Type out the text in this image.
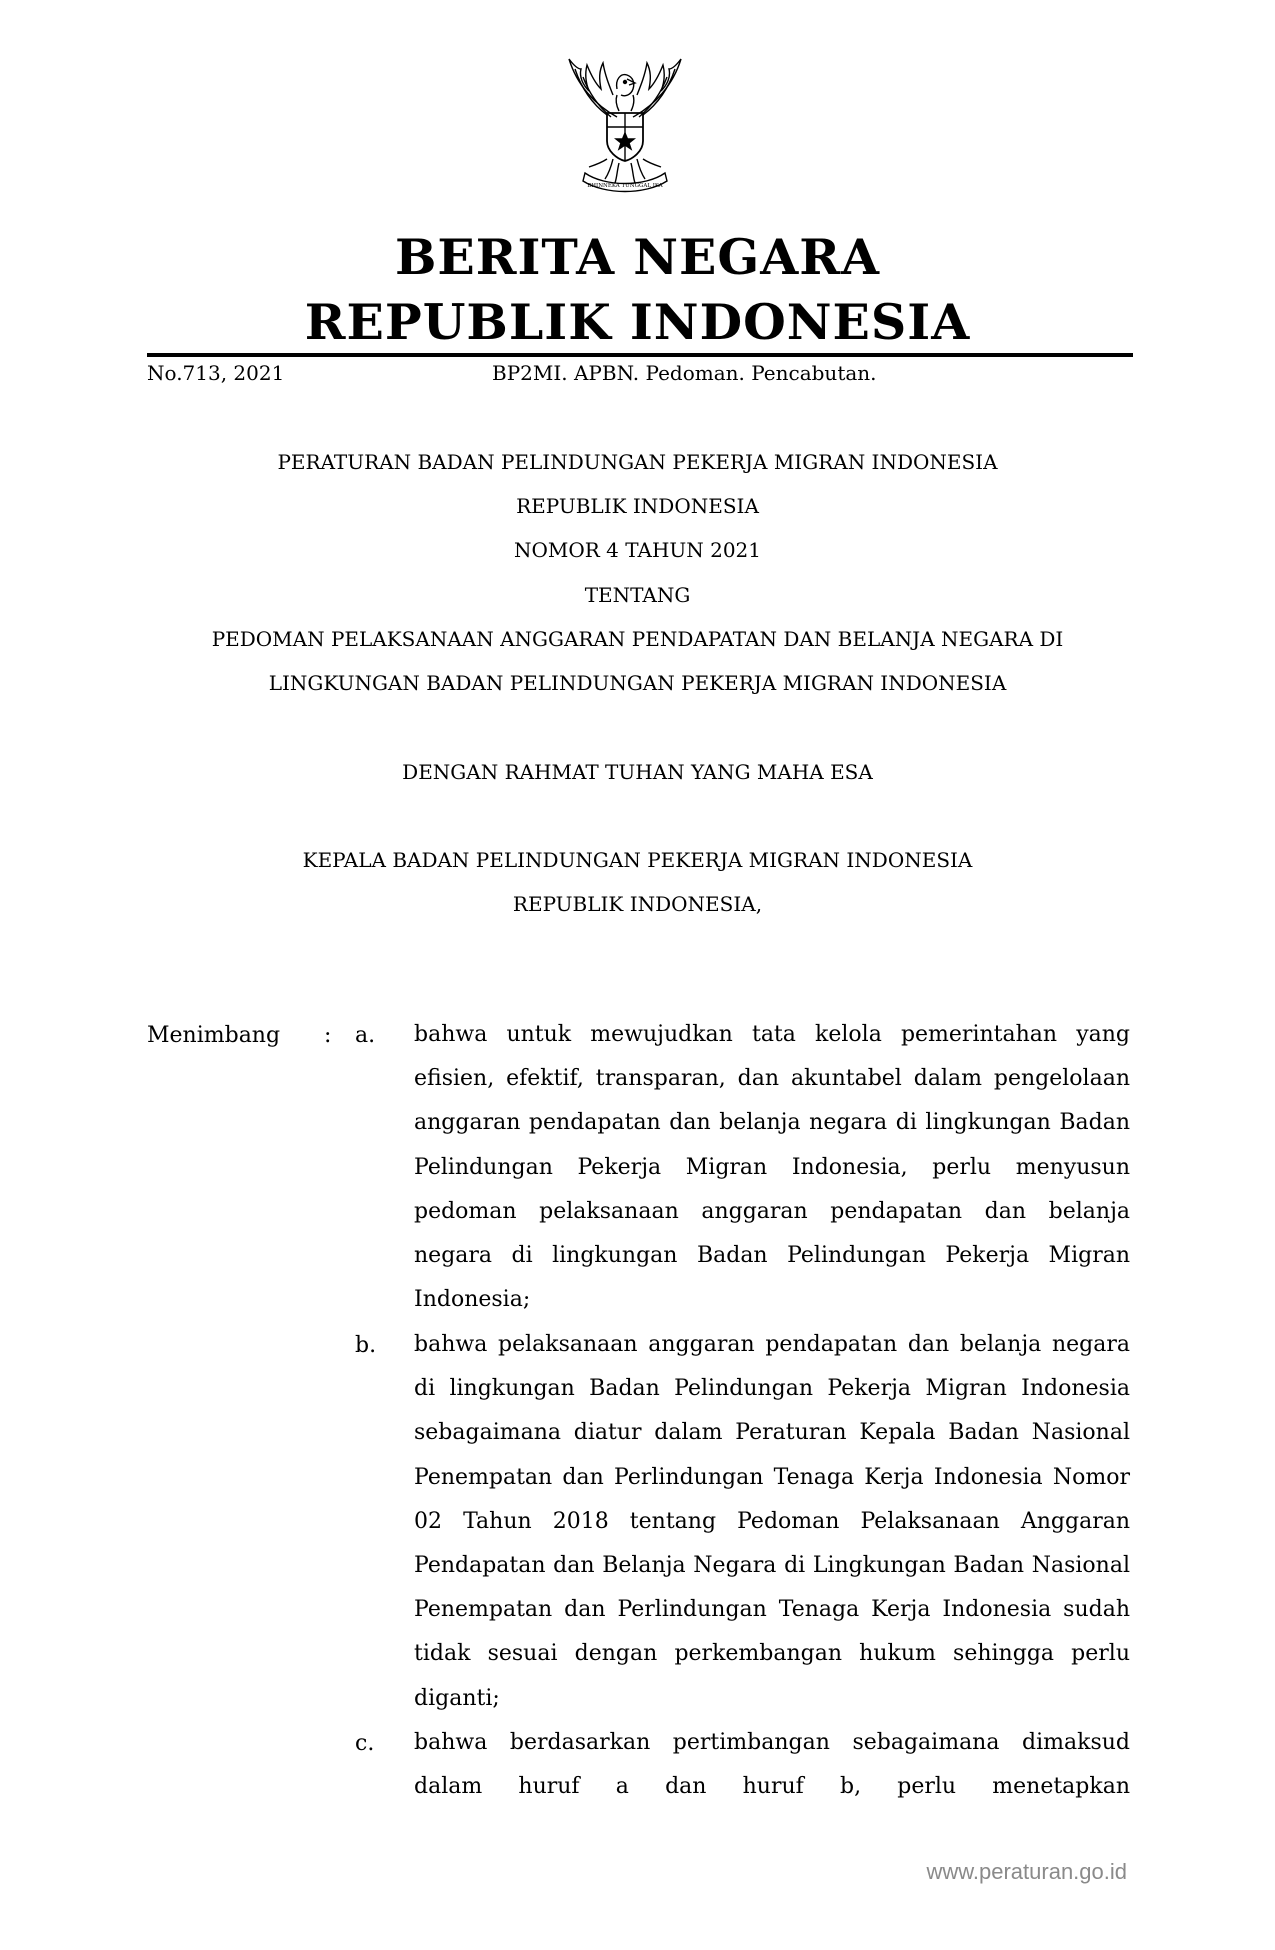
BHINNEKA TUNGGAL IKA
BERITA NEGARA
REPUBLIK INDONESIA
No.713, 2021	BP2MI. APBN. Pedoman. Pencabutan.
PERATURAN BADAN PELINDUNGAN PEKERJA MIGRAN INDONESIA
REPUBLIK INDONESIA
NOMOR 4 TAHUN 2021
TENTANG
PEDOMAN PELAKSANAAN ANGGARAN PENDAPATAN DAN BELANJA NEGARA DI
LINGKUNGAN BADAN PELINDUNGAN PEKERJA MIGRAN INDONESIA
DENGAN RAHMAT TUHAN YANG MAHA ESA
KEPALA BADAN PELINDUNGAN PEKERJA MIGRAN INDONESIA
REPUBLIK INDONESIA,
Menimbang : a. bahwa untuk mewujudkan tata kelola pemerintahan yang efisien, efektif, transparan, dan akuntabel dalam pengelolaan anggaran pendapatan dan belanja negara di lingkungan Badan Pelindungan Pekerja Migran Indonesia, perlu menyusun pedoman pelaksanaan anggaran pendapatan dan belanja negara di lingkungan Badan Pelindungan Pekerja Migran Indonesia;
b. bahwa pelaksanaan anggaran pendapatan dan belanja negara di lingkungan Badan Pelindungan Pekerja Migran Indonesia sebagaimana diatur dalam Peraturan Kepala Badan Nasional Penempatan dan Perlindungan Tenaga Kerja Indonesia Nomor 02 Tahun 2018 tentang Pedoman Pelaksanaan Anggaran Pendapatan dan Belanja Negara di Lingkungan Badan Nasional Penempatan dan Perlindungan Tenaga Kerja Indonesia sudah tidak sesuai dengan perkembangan hukum sehingga perlu diganti;
c. bahwa berdasarkan pertimbangan sebagaimana dimaksud dalam huruf a dan huruf b, perlu menetapkan
www.peraturan.go.id
